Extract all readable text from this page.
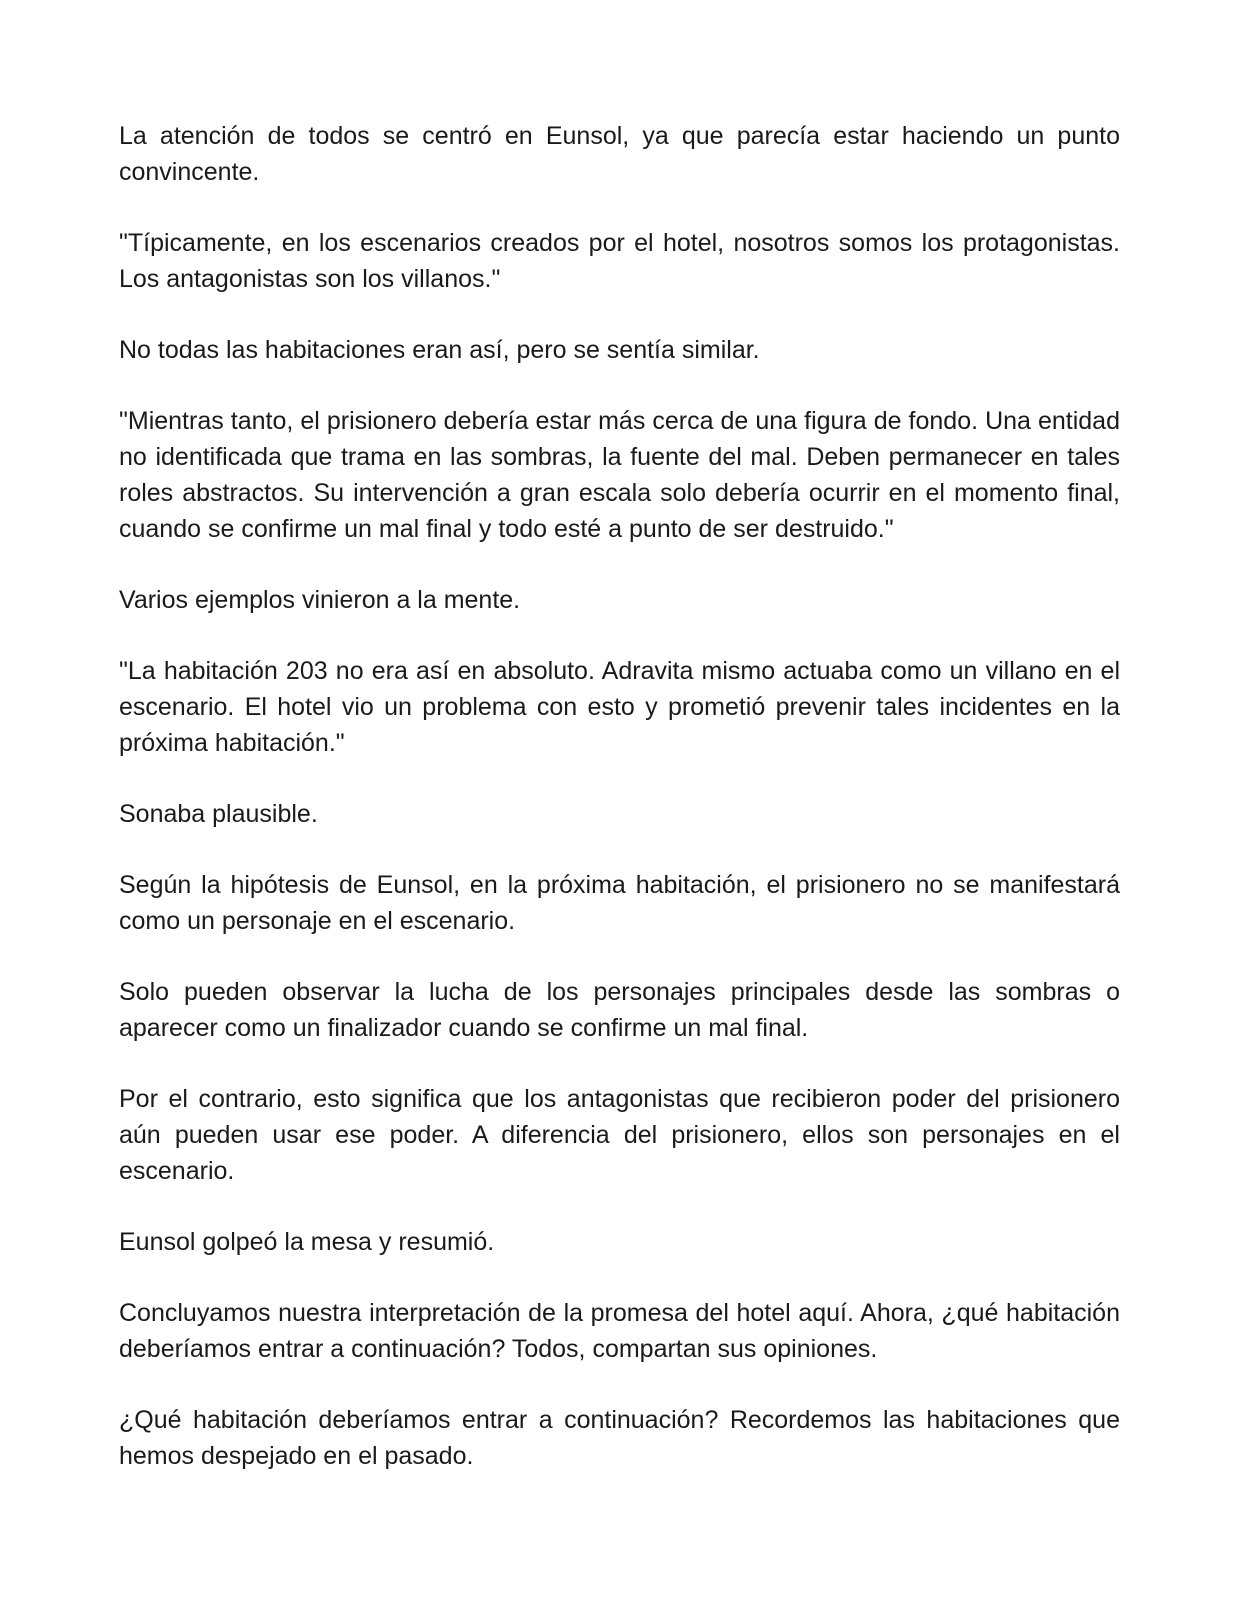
La atención de todos se centró en Eunsol, ya que parecía estar haciendo un punto convincente.

"Típicamente, en los escenarios creados por el hotel, nosotros somos los protagonistas. Los antagonistas son los villanos."

No todas las habitaciones eran así, pero se sentía similar.

"Mientras tanto, el prisionero debería estar más cerca de una figura de fondo. Una entidad no identificada que trama en las sombras, la fuente del mal. Deben permanecer en tales roles abstractos. Su intervención a gran escala solo debería ocurrir en el momento final, cuando se confirme un mal final y todo esté a punto de ser destruido."

Varios ejemplos vinieron a la mente.

"La habitación 203 no era así en absoluto. Adravita mismo actuaba como un villano en el escenario. El hotel vio un problema con esto y prometió prevenir tales incidentes en la próxima habitación."

Sonaba plausible.

Según la hipótesis de Eunsol, en la próxima habitación, el prisionero no se manifestará como un personaje en el escenario.

Solo pueden observar la lucha de los personajes principales desde las sombras o aparecer como un finalizador cuando se confirme un mal final.

Por el contrario, esto significa que los antagonistas que recibieron poder del prisionero aún pueden usar ese poder. A diferencia del prisionero, ellos son personajes en el escenario.

Eunsol golpeó la mesa y resumió.

Concluyamos nuestra interpretación de la promesa del hotel aquí. Ahora, ¿qué habitación deberíamos entrar a continuación? Todos, compartan sus opiniones.

¿Qué habitación deberíamos entrar a continuación? Recordemos las habitaciones que hemos despejado en el pasado.
